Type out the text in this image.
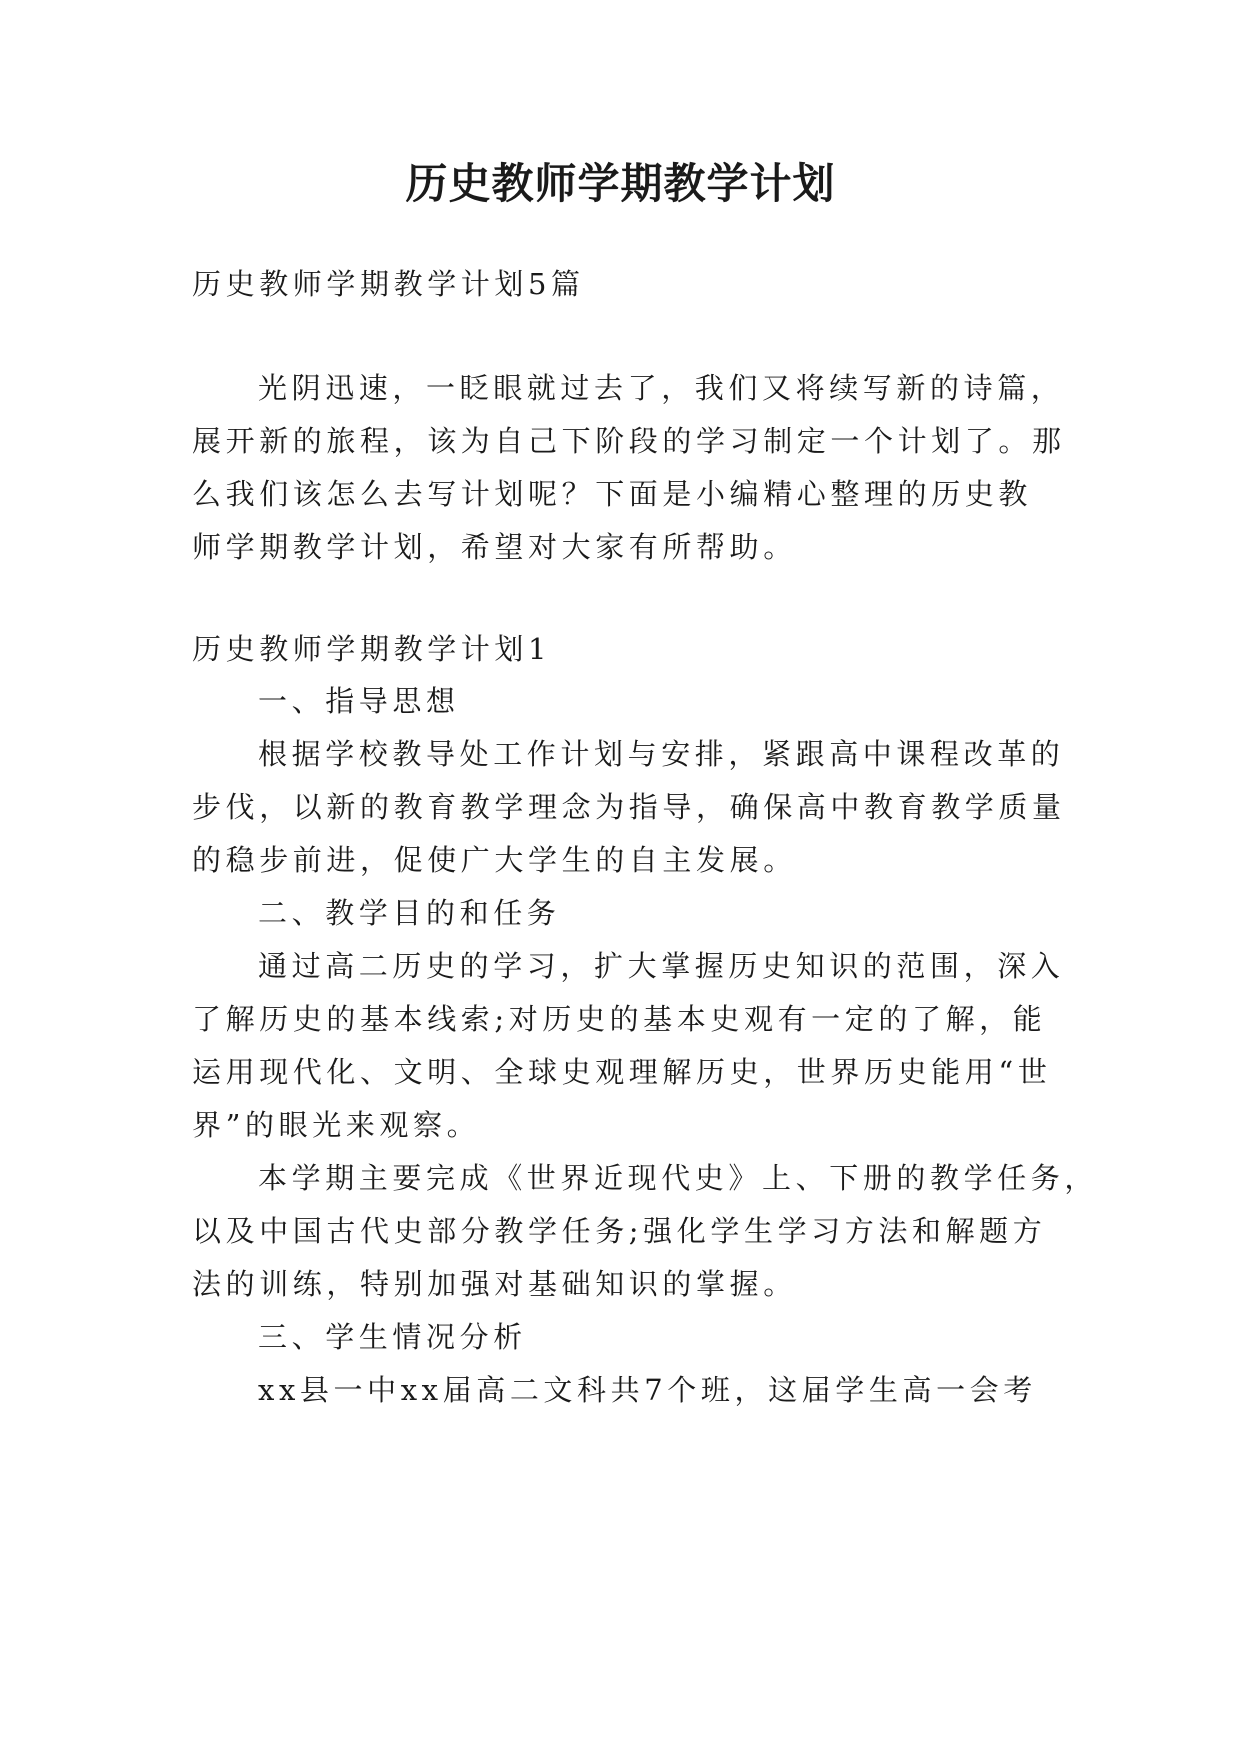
历史教师学期教学计划
历史教师学期教学计划5篇
光阴迅速，一眨眼就过去了，我们又将续写新的诗篇，
展开新的旅程，该为自己下阶段的学习制定一个计划了。那
么我们该怎么去写计划呢？下面是小编精心整理的历史教
师学期教学计划，希望对大家有所帮助。
历史教师学期教学计划1
一、指导思想
根据学校教导处工作计划与安排，紧跟高中课程改革的
步伐，以新的教育教学理念为指导，确保高中教育教学质量
的稳步前进，促使广大学生的自主发展。
二、教学目的和任务
通过高二历史的学习，扩大掌握历史知识的范围，深入
了解历史的基本线索;对历史的基本史观有一定的了解，能
运用现代化、文明、全球史观理解历史，世界历史能用“世
界”的眼光来观察。
本学期主要完成《世界近现代史》上、下册的教学任务，
以及中国古代史部分教学任务;强化学生学习方法和解题方
法的训练，特别加强对基础知识的掌握。
三、学生情况分析
xx县一中xx届高二文科共7个班，这届学生高一会考
